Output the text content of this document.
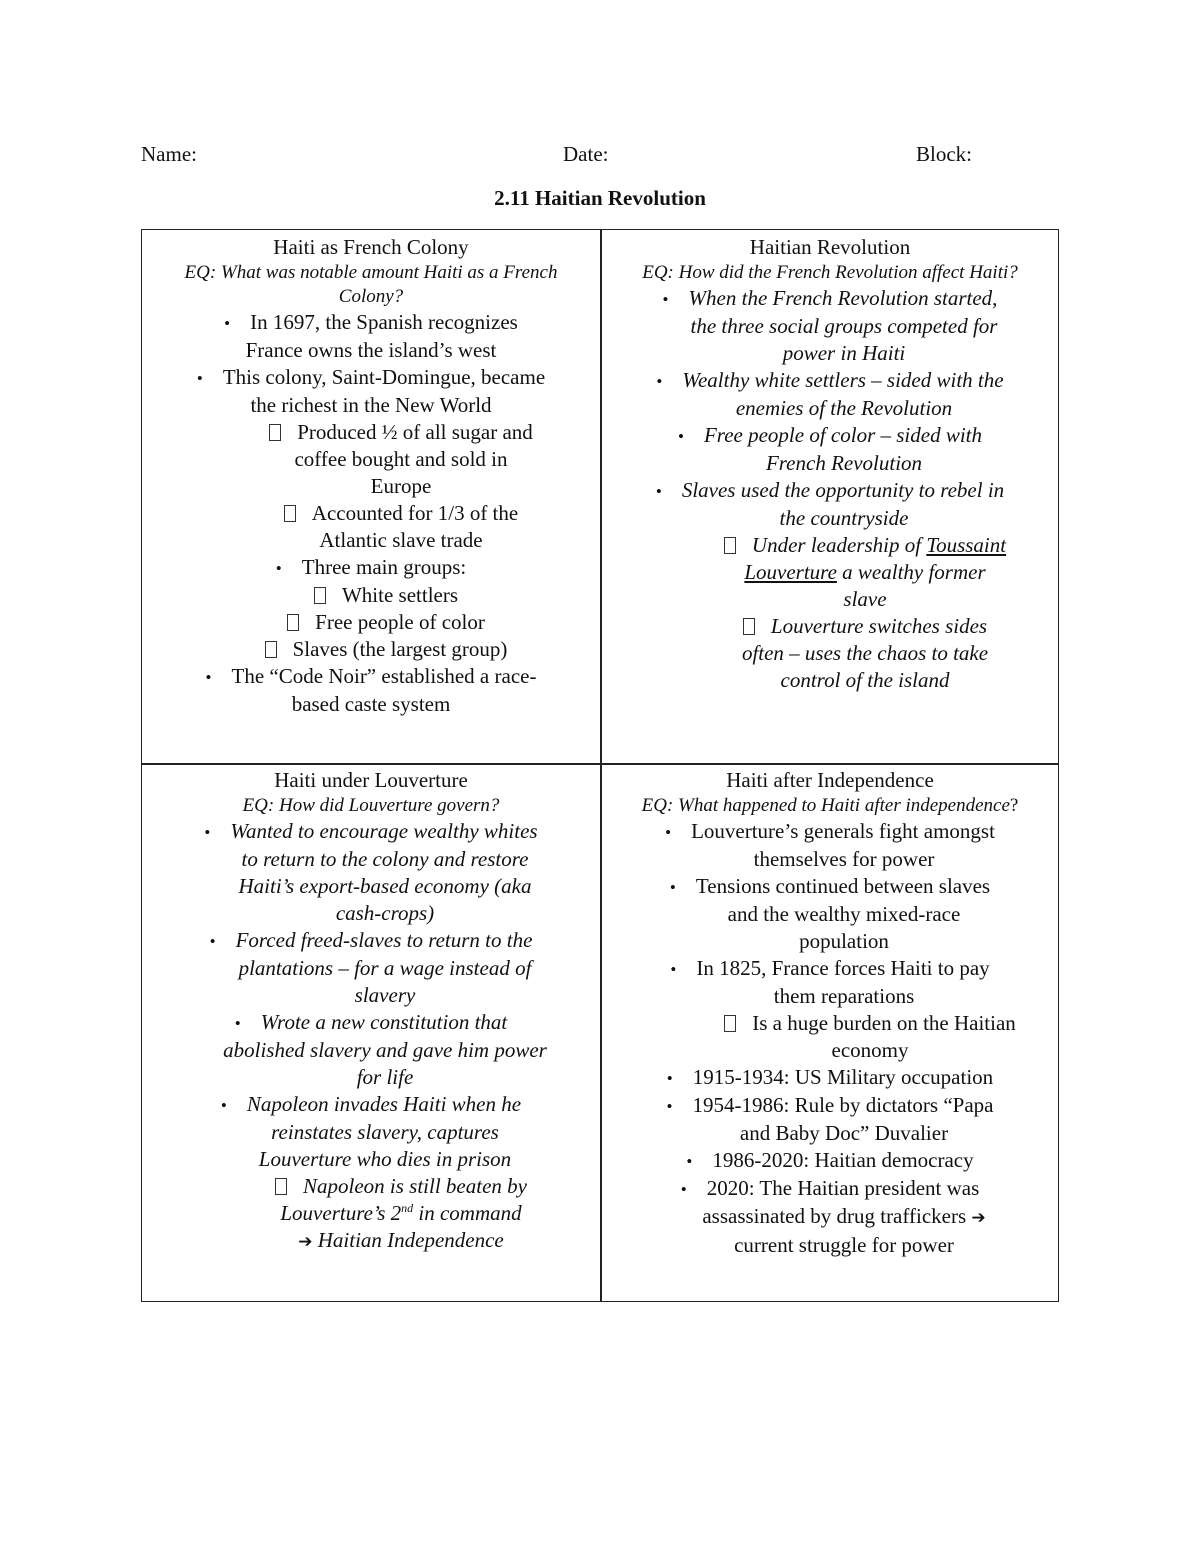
Name:	Date:	Block:
2.11 Haitian Revolution
Haiti as French Colony
EQ: What was notable amount Haiti as a French
Colony?
• In 1697, the Spanish recognizes
France owns the island’s west
• This colony, Saint-Domingue, became
the richest in the New World
Produced ½ of all sugar and
coffee bought and sold in
Europe
Accounted for 1/3 of the
Atlantic slave trade
• Three main groups:
White settlers
Free people of color
Slaves (the largest group)
• The “Code Noir” established a race-
based caste system
Haitian Revolution
EQ: How did the French Revolution affect Haiti?
• When the French Revolution started,
the three social groups competed for
power in Haiti
• Wealthy white settlers – sided with the
enemies of the Revolution
• Free people of color – sided with
French Revolution
• Slaves used the opportunity to rebel in
the countryside
Under leadership of Toussaint
Louverture a wealthy former
slave
Louverture switches sides
often – uses the chaos to take
control of the island
Haiti under Louverture
EQ: How did Louverture govern?
• Wanted to encourage wealthy whites
to return to the colony and restore
Haiti’s export-based economy (aka
cash-crops)
• Forced freed-slaves to return to the
plantations – for a wage instead of
slavery
• Wrote a new constitution that
abolished slavery and gave him power
for life
• Napoleon invades Haiti when he
reinstates slavery, captures
Louverture who dies in prison
Napoleon is still beaten by
Louverture’s 2nd in command
➔ Haitian Independence
Haiti after Independence
EQ: What happened to Haiti after independence?
• Louverture’s generals fight amongst
themselves for power
• Tensions continued between slaves
and the wealthy mixed-race
population
• In 1825, France forces Haiti to pay
them reparations
Is a huge burden on the Haitian
economy
• 1915-1934: US Military occupation
• 1954-1986: Rule by dictators “Papa
and Baby Doc” Duvalier
• 1986-2020: Haitian democracy
• 2020: The Haitian president was
assassinated by drug traffickers ➔
current struggle for power
